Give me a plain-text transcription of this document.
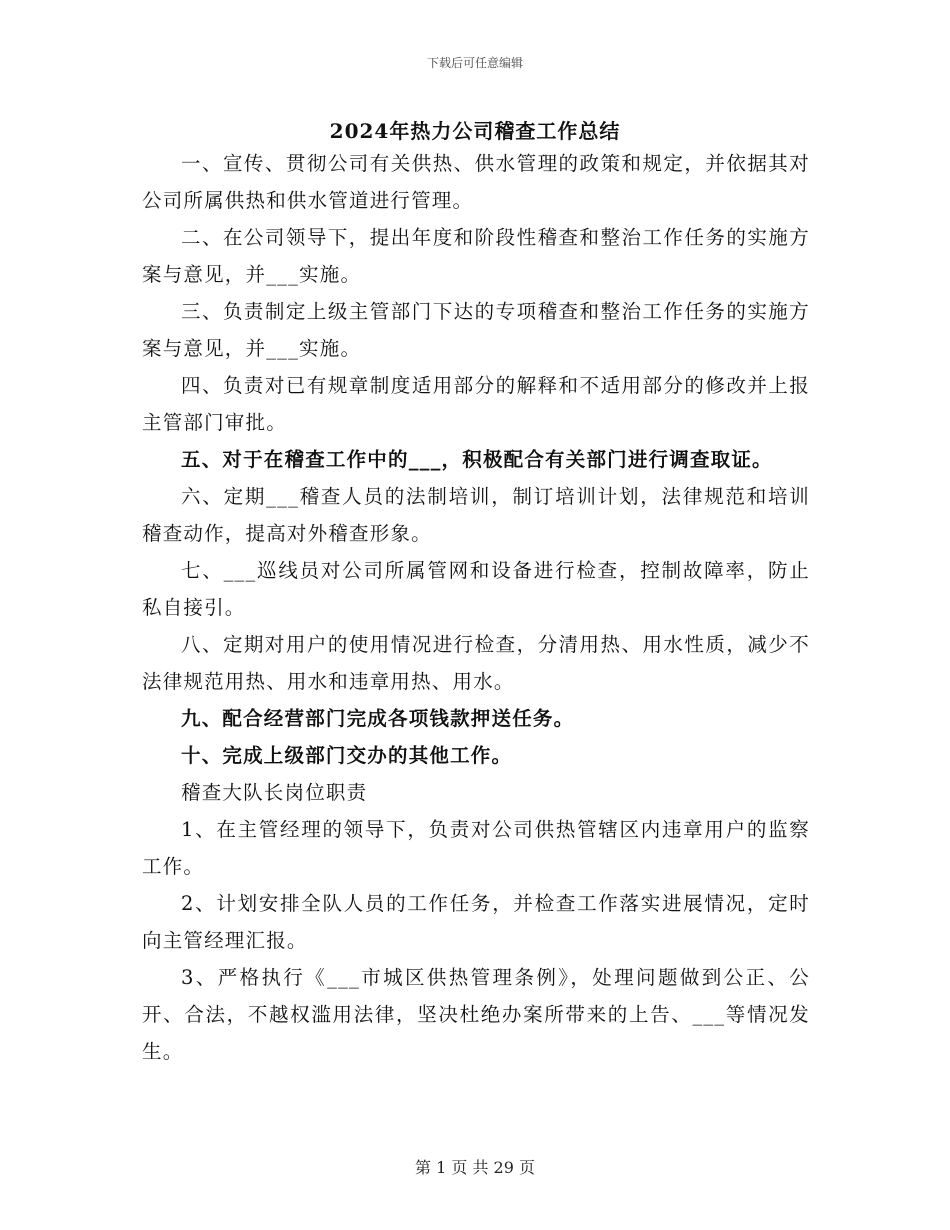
下载后可任意编辑
2024年热力公司稽查工作总结

一、宣传、贯彻公司有关供热、供水管理的政策和规定，并依据其对公司所属供热和供水管道进行管理。

二、在公司领导下，提出年度和阶段性稽查和整治工作任务的实施方案与意见，并___实施。

三、负责制定上级主管部门下达的专项稽查和整治工作任务的实施方案与意见，并___实施。

四、负责对已有规章制度适用部分的解释和不适用部分的修改并上报主管部门审批。

五、对于在稽查工作中的___，积极配合有关部门进行调查取证。

六、定期___稽查人员的法制培训，制订培训计划，法律规范和培训稽查动作，提高对外稽查形象。

七、___巡线员对公司所属管网和设备进行检查，控制故障率，防止私自接引。

八、定期对用户的使用情况进行检查，分清用热、用水性质，减少不法律规范用热、用水和违章用热、用水。

九、配合经营部门完成各项钱款押送任务。

十、完成上级部门交办的其他工作。

稽查大队长岗位职责

1、在主管经理的领导下，负责对公司供热管辖区内违章用户的监察工作。

2、计划安排全队人员的工作任务，并检查工作落实进展情况，定时向主管经理汇报。

3、严格执行《___市城区供热管理条例》，处理问题做到公正、公开、合法，不越权滥用法律，坚决杜绝办案所带来的上告、___等情况发生。

第 1 页 共 29 页
